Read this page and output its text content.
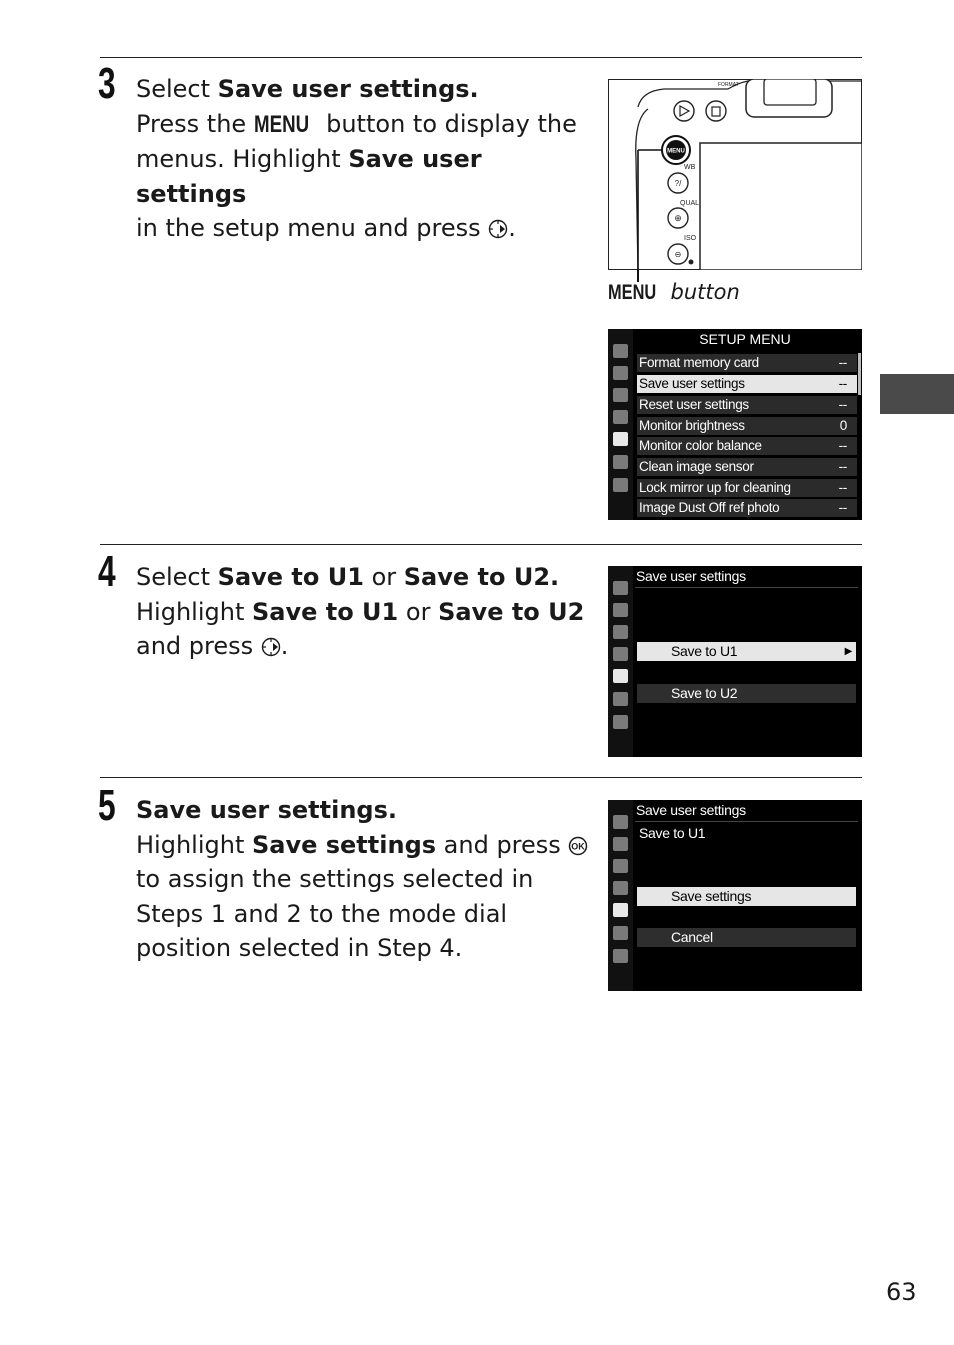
3 Select Save user settings.
Press the MENU button to display the
menus. Highlight Save user settings
in the setup menu and press .
MENU
?/
WB
⊕
QUAL
⊖
ISO
FORMAT
MENU button
SETUP MENU
Format memory card	--
Save user settings	--
Reset user settings	--
Monitor brightness	0
Monitor color balance	--
Clean image sensor	--
Lock mirror up for cleaning	--
Image Dust Off ref photo	--
4 Select Save to U1 or Save to U2.
Highlight Save to U1 or Save to U2
and press .
Save user settings
Save to U1	▶
Save to U2
5 Save user settings.
Highlight Save settings and press OK
to assign the settings selected in
Steps 1 and 2 to the mode dial
position selected in Step 4.
Save user settings
Save to U1
Save settings
Cancel
63
